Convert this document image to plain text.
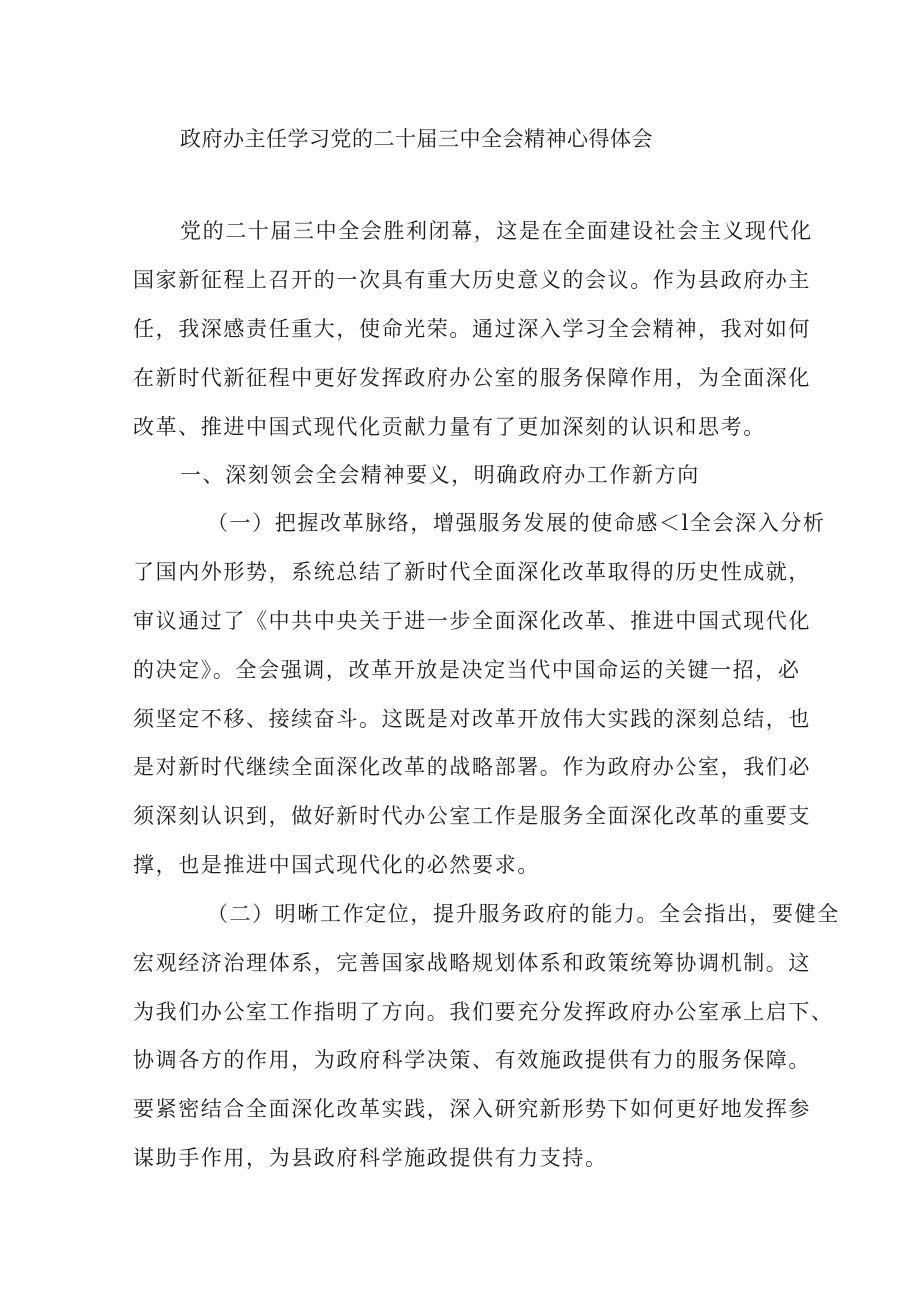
政府办主任学习党的二十届三中全会精神心得体会
党的二十届三中全会胜利闭幕，这是在全面建设社会主义现代化
国家新征程上召开的一次具有重大历史意义的会议。作为县政府办主
任，我深感责任重大，使命光荣。通过深入学习全会精神，我对如何
在新时代新征程中更好发挥政府办公室的服务保障作用，为全面深化
改革、推进中国式现代化贡献力量有了更加深刻的认识和思考。
一、深刻领会全会精神要义，明确政府办工作新方向
（一）把握改革脉络，增强服务发展的使命感＜l全会深入分析
了国内外形势，系统总结了新时代全面深化改革取得的历史性成就，
审议通过了《中共中央关于进一步全面深化改革、推进中国式现代化
的决定》。全会强调，改革开放是决定当代中国命运的关键一招，必
须坚定不移、接续奋斗。这既是对改革开放伟大实践的深刻总结，也
是对新时代继续全面深化改革的战略部署。作为政府办公室，我们必
须深刻认识到，做好新时代办公室工作是服务全面深化改革的重要支
撑，也是推进中国式现代化的必然要求。
（二）明晰工作定位，提升服务政府的能力。全会指出，要健全
宏观经济治理体系，完善国家战略规划体系和政策统筹协调机制。这
为我们办公室工作指明了方向。我们要充分发挥政府办公室承上启下、
协调各方的作用，为政府科学决策、有效施政提供有力的服务保障。
要紧密结合全面深化改革实践，深入研究新形势下如何更好地发挥参
谋助手作用，为县政府科学施政提供有力支持。
